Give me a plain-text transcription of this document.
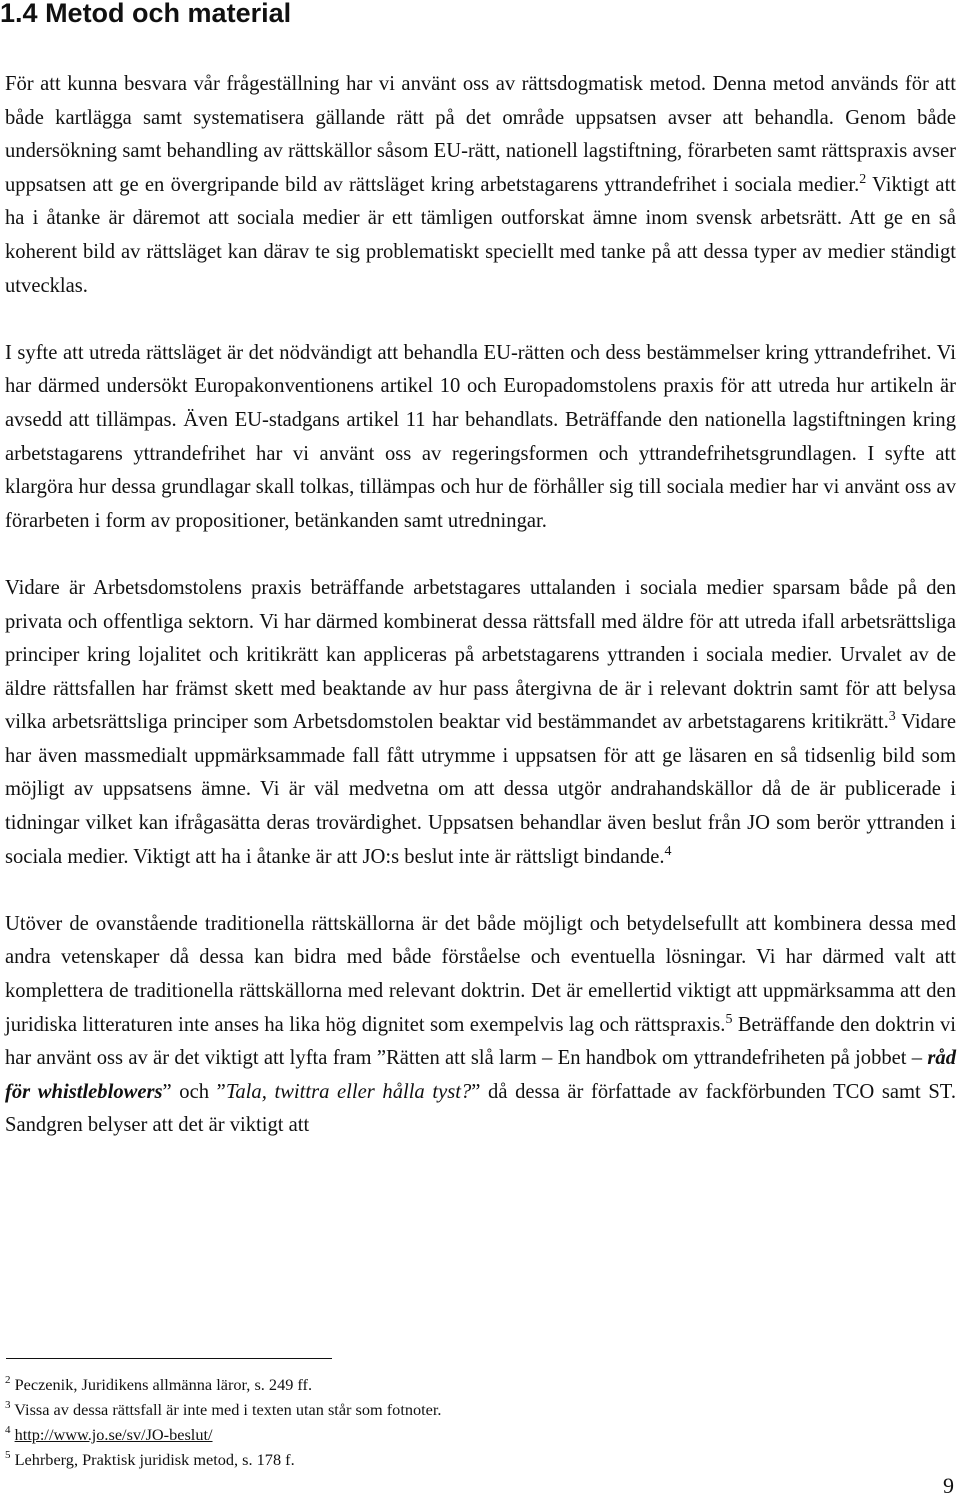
1.4 Metod och material

För att kunna besvara vår frågeställning har vi använt oss av rättsdogmatisk metod. Denna metod används för att både kartlägga samt systematisera gällande rätt på det område uppsatsen avser att behandla. Genom både undersökning samt behandling av rättskällor såsom EU-rätt, nationell lagstiftning, förarbeten samt rättspraxis avser uppsatsen att ge en övergripande bild av rättsläget kring arbetstagarens yttrandefrihet i sociala medier.$^2$ Viktigt att ha i åtanke är däremot att sociala medier är ett tämligen outforskat ämne inom svensk arbetsrätt. Att ge en så koherent bild av rättsläget kan därav te sig problematiskt speciellt med tanke på att dessa typer av medier ständigt utvecklas.

I syfte att utreda rättsläget är det nödvändigt att behandla EU-rätten och dess bestämmelser kring yttrandefrihet. Vi har därmed undersökt Europakonventionens artikel 10 och Europadomstolens praxis för att utreda hur artikeln är avsedd att tillämpas. Även EU-stadgans artikel 11 har behandlats. Beträffande den nationella lagstiftningen kring arbetstagarens yttrandefrihet har vi använt oss av regeringsformen och yttrandefrihetsgrundlagen. I syfte att klargöra hur dessa grundlagar skall tolkas, tillämpas och hur de förhåller sig till sociala medier har vi använt oss av förarbeten i form av propositioner, betänkanden samt utredningar.

Vidare är Arbetsdomstolens praxis beträffande arbetstagares uttalanden i sociala medier sparsam både på den privata och offentliga sektorn. Vi har därmed kombinerat dessa rättsfall med äldre för att utreda ifall arbetsrättsliga principer kring lojalitet och kritikrätt kan appliceras på arbetstagarens yttranden i sociala medier. Urvalet av de äldre rättsfallen har främst skett med beaktande av hur pass återgivna de är i relevant doktrin samt för att belysa vilka arbetsrättsliga principer som Arbetsdomstolen beaktar vid bestämmandet av arbetstagarens kritikrätt.$^3$ Vidare har även massmedialt uppmärksammade fall fått utrymme i uppsatsen för att ge läsaren en så tidsenlig bild som möjligt av uppsatsens ämne. Vi är väl medvetna om att dessa utgör andrahandskällor då de är publicerade i tidningar vilket kan ifrågasätta deras trovärdighet. Uppsatsen behandlar även beslut från JO som berör yttranden i sociala medier. Viktigt att ha i åtanke är att JO:s beslut inte är rättsligt bindande.$^4$

Utöver de ovanstående traditionella rättskällorna är det både möjligt och betydelsefullt att kombinera dessa med andra vetenskaper då dessa kan bidra med både förståelse och eventuella lösningar. Vi har därmed valt att komplettera de traditionella rättskällorna med relevant doktrin. Det är emellertid viktigt att uppmärksamma att den juridiska litteraturen inte anses ha lika hög dignitet som exempelvis lag och rättspraxis.$^5$ Beträffande den doktrin vi har använt oss av är det viktigt att lyfta fram ”Rätten att slå larm – En handbok om yttrandefriheten på jobbet – råd för whistleblowers” och ”Tala, twittra eller hålla tyst?” då dessa är författade av fackförbunden TCO samt ST. Sandgren belyser att det är viktigt att

$^2$ Peczenik, Juridikens allmänna läror, s. 249 ff.
$^3$ Vissa av dessa rättsfall är inte med i texten utan står som fotnoter.
$^4$ http://www.jo.se/sv/JO-beslut/
$^5$ Lehrberg, Praktisk juridisk metod, s. 178 f.
9
